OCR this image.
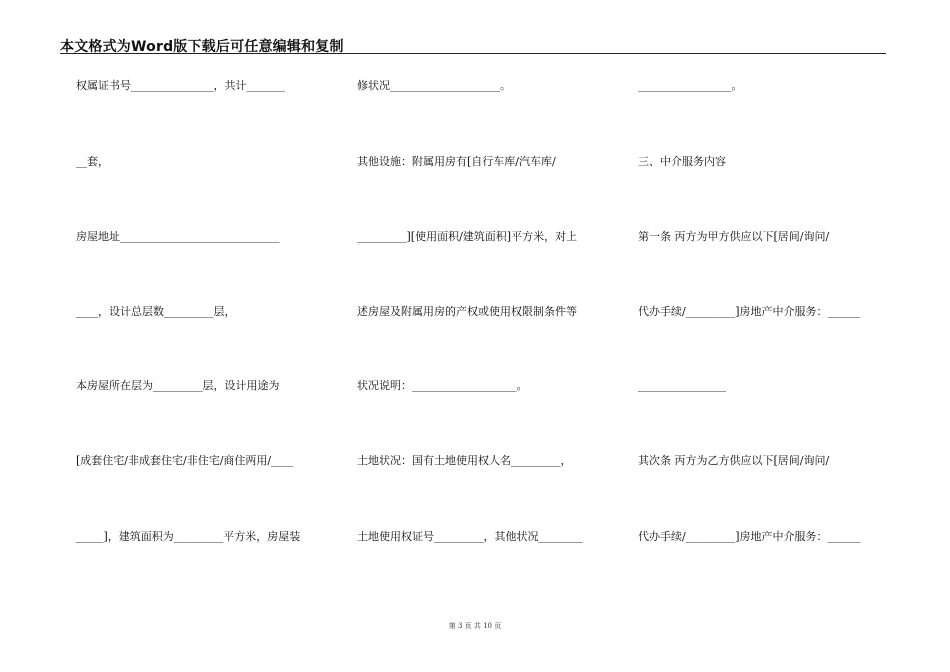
本文格式为Word版下载后可任意编辑和复制
权属证书号_______________，共计_______
__套，
房屋地址_____________________________
____，设计总层数_________层，
本房屋所在层为_________层，设计用途为
[成套住宅/非成套住宅/非住宅/商住两用/____
_____]，建筑面积为_________平方米，房屋装
修状况____________________。
其他设施：附属用房有[自行车库/汽车库/
_________][使用面积/建筑面积]平方米，对上
述房屋及附属用房的产权或使用权限制条件等
状况说明：___________________。
土地状况：国有土地使用权人名_________，
土地使用权证号_________，其他状况________
_________________。
三、中介服务内容
第一条 丙方为甲方供应以下[居间/询问/
代办手续/_________]房地产中介服务：______
________________
其次条 丙方为乙方供应以下[居间/询问/
代办手续/_________]房地产中介服务：______
第 3 页 共 10 页
